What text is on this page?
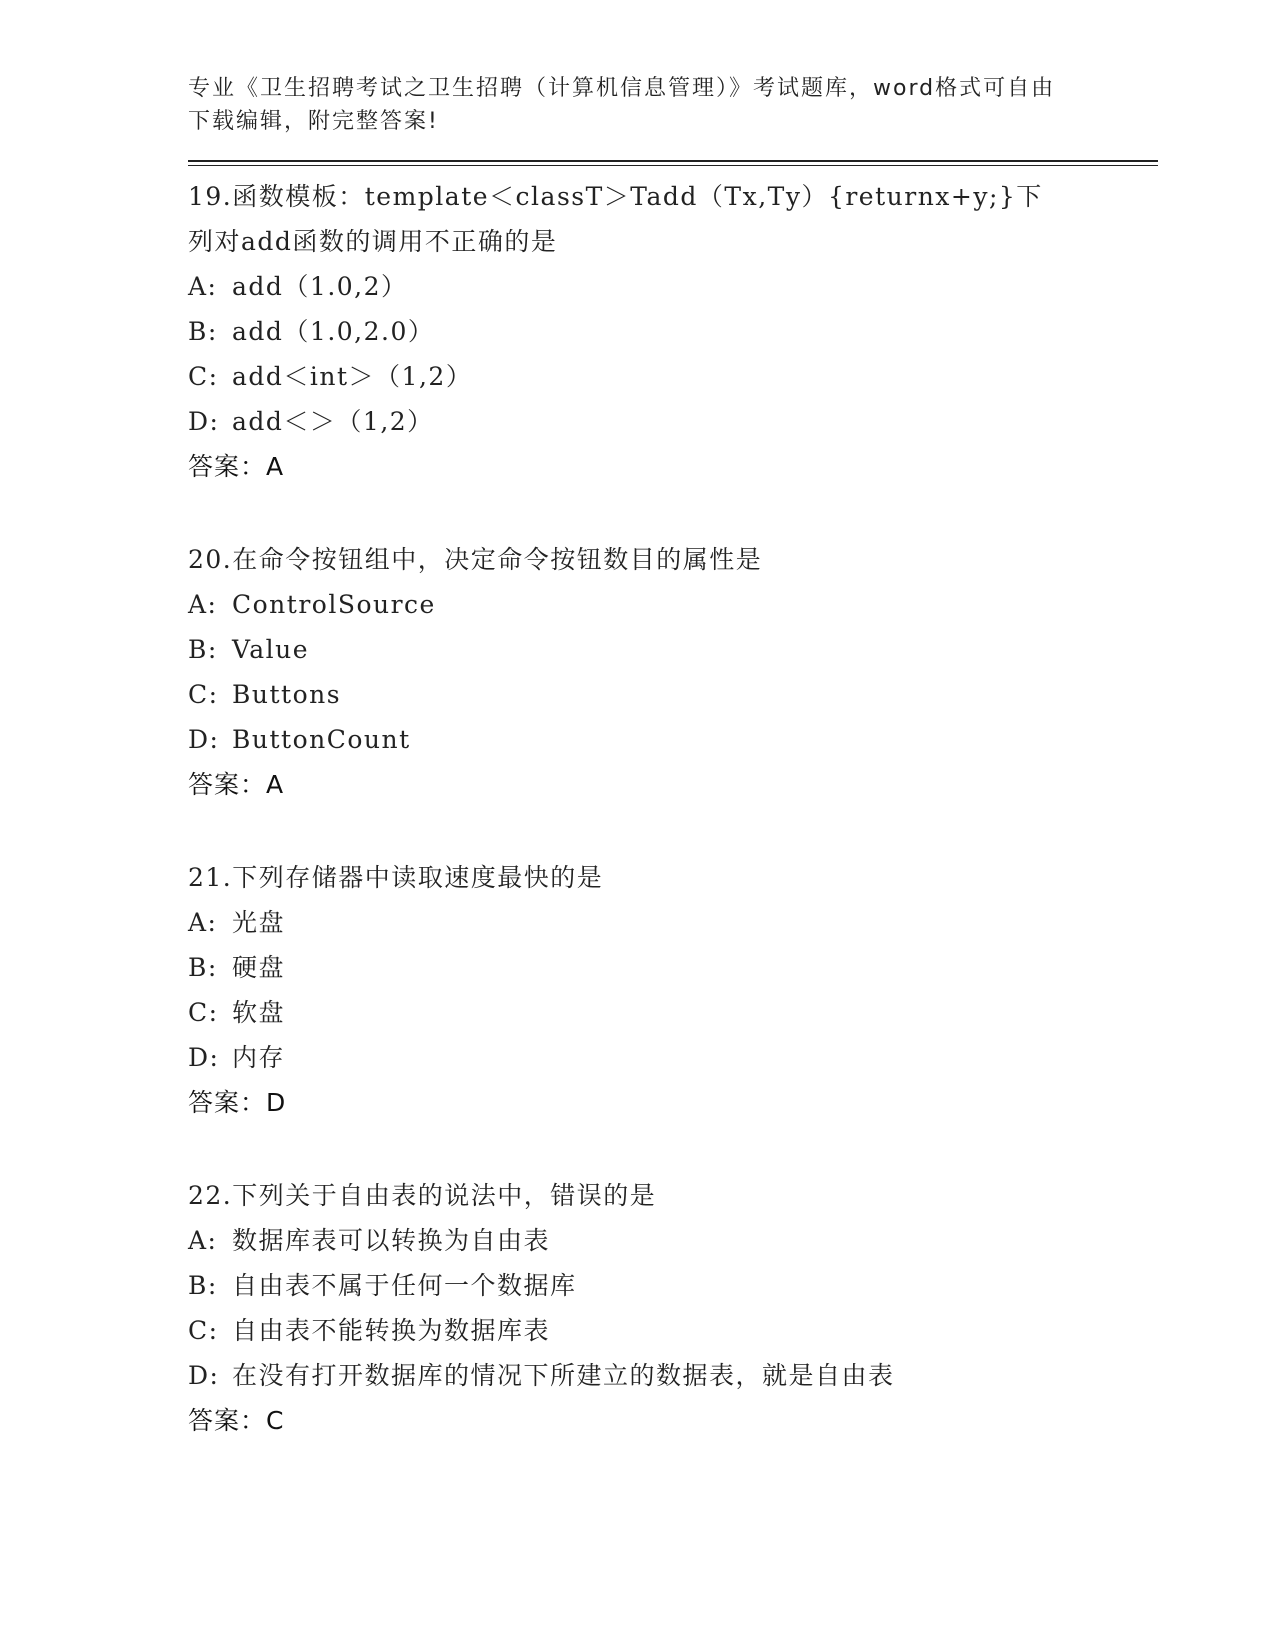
专业《卫生招聘考试之卫生招聘（计算机信息管理）》考试题库，word格式可自由下载编辑，附完整答案!
19.函数模板：template＜classT＞Tadd（Tx,Ty）{returnx+y;}下列对add函数的调用不正确的是
A: add（1.0,2）
B: add（1.0,2.0）
C: add＜int＞（1,2）
D: add＜＞（1,2）
答案：A
20.在命令按钮组中，决定命令按钮数目的属性是
A: ControlSource
B: Value
C: Buttons
D: ButtonCount
答案：A
21.下列存储器中读取速度最快的是
A: 光盘
B: 硬盘
C: 软盘
D: 内存
答案：D
22.下列关于自由表的说法中，错误的是
A: 数据库表可以转换为自由表
B: 自由表不属于任何一个数据库
C: 自由表不能转换为数据库表
D: 在没有打开数据库的情况下所建立的数据表，就是自由表
答案：C
